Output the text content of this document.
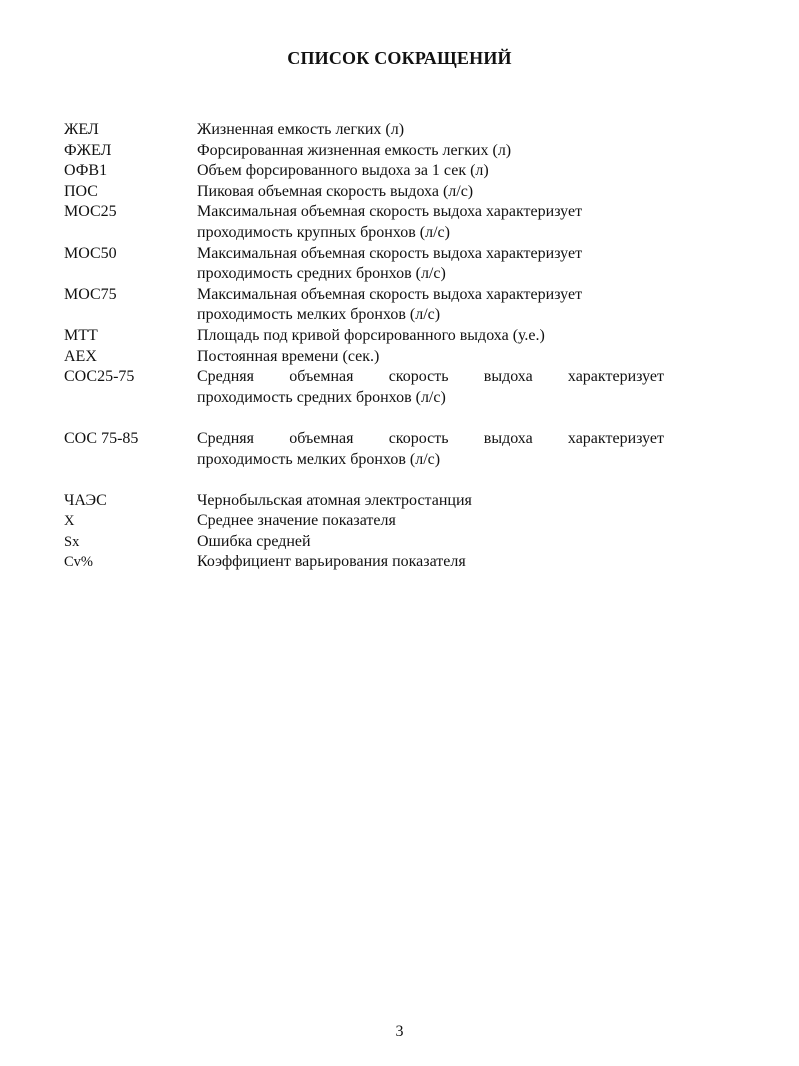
СПИСОК СОКРАЩЕНИЙ
ЖЕЛ	Жизненная емкость легких (л)
ФЖЕЛ	Форсированная жизненная емкость легких (л)
ОФВ1	Объем форсированного выдоха за 1 сек (л)
ПОС	Пиковая объемная скорость выдоха (л/с)
МОС25	Максимальная объемная скорость выдоха характеризует
проходимость крупных бронхов (л/с)
МОС50	Максимальная объемная скорость выдоха характеризует
проходимость средних бронхов (л/с)
МОС75	Максимальная объемная скорость выдоха характеризует
проходимость мелких бронхов (л/с)
МТТ	Площадь под кривой форсированного выдоха (у.е.)
АЕХ	Постоянная времени (сек.)
СОС25-75	Средняя объемная скорость выдоха характеризует
проходимость средних бронхов (л/с)
СОС 75-85	Средняя объемная скорость выдоха характеризует
проходимость мелких бронхов (л/с)
ЧАЭС	Чернобыльская атомная электростанция
X	Среднее значение показателя
Sx	Ошибка средней
Cv%	Коэффициент варьирования показателя
3
